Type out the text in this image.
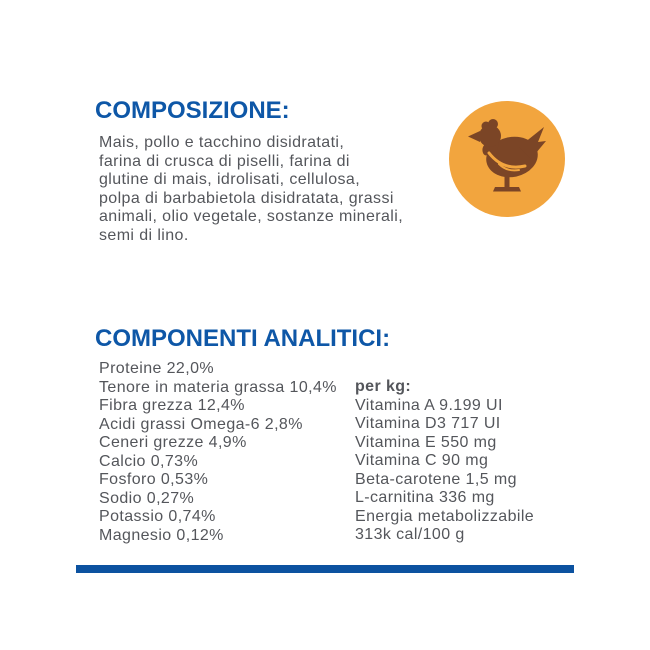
COMPOSIZIONE:
Mais, pollo e tacchino disidratati,
farina di crusca di piselli, farina di
glutine di mais, idrolisati, cellulosa,
polpa di barbabietola disidratata, grassi
animali, olio vegetale, sostanze minerali,
semi di lino.
COMPONENTI ANALITICI:
Proteine 22,0%
Tenore in materia grassa 10,4%
Fibra grezza 12,4%
Acidi grassi Omega-6 2,8%
Ceneri grezze 4,9%
Calcio 0,73%
Fosforo 0,53%
Sodio 0,27%
Potassio 0,74%
Magnesio 0,12%
per kg:
Vitamina A 9.199 UI
Vitamina D3 717 UI
Vitamina E 550 mg
Vitamina C 90 mg
Beta-carotene 1,5 mg
L-carnitina 336 mg
Energia metabolizzabile
313k cal/100 g
